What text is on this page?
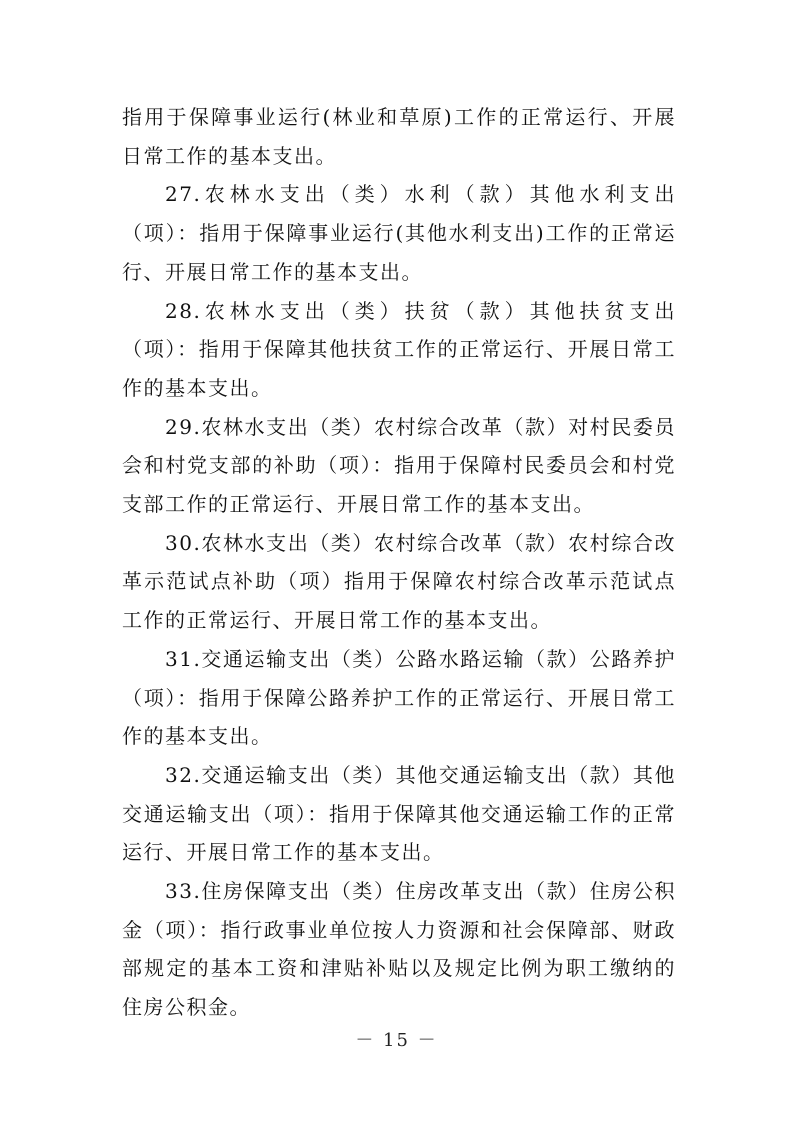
指用于保障事业运行(林业和草原)工作的正常运行、开展日常工作的基本支出。

27.农林水支出（类）水利（款）其他水利支出（项）：指用于保障事业运行(其他水利支出)工作的正常运行、开展日常工作的基本支出。

28.农林水支出（类）扶贫（款）其他扶贫支出（项）：指用于保障其他扶贫工作的正常运行、开展日常工作的基本支出。

29.农林水支出（类）农村综合改革（款）对村民委员会和村党支部的补助（项）：指用于保障村民委员会和村党支部工作的正常运行、开展日常工作的基本支出。

30.农林水支出（类）农村综合改革（款）农村综合改革示范试点补助（项）指用于保障农村综合改革示范试点工作的正常运行、开展日常工作的基本支出。

31.交通运输支出（类）公路水路运输（款）公路养护（项）：指用于保障公路养护工作的正常运行、开展日常工作的基本支出。

32.交通运输支出（类）其他交通运输支出（款）其他交通运输支出（项）：指用于保障其他交通运输工作的正常运行、开展日常工作的基本支出。

33.住房保障支出（类）住房改革支出（款）住房公积金（项）：指行政事业单位按人力资源和社会保障部、财政部规定的基本工资和津贴补贴以及规定比例为职工缴纳的住房公积金。

－ 15 －
